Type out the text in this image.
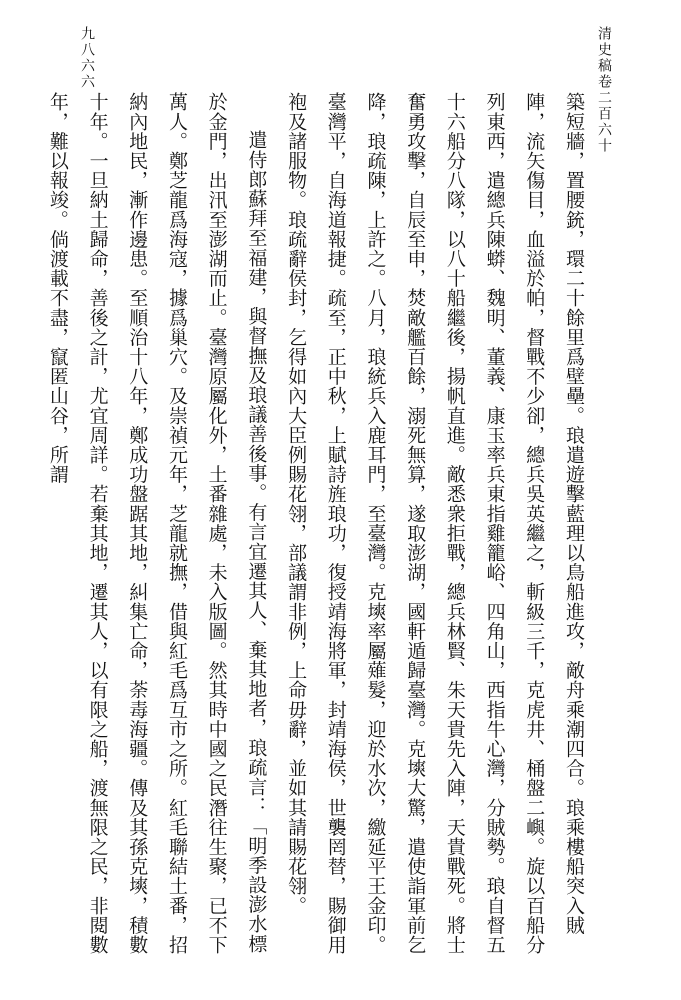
清史稿卷二百六十
九八六六

築短牆，置腰銃，環二十餘里爲壁壘。琅遣遊擊藍理以鳥船進攻，敵舟乘潮四合。琅乘樓船突入賊陣，流矢傷目，血溢於帕，督戰不少卻，總兵吳英繼之，斬級三千，克虎井、桶盤二嶼。旋以百船分列東西，遣總兵陳蟒、魏明、董義、康玉率兵東指雞籠峪、四角山，西指牛心灣，分賊勢。琅自督五十六船分八隊，以八十船繼後，揚帆直進。敵悉衆拒戰，總兵林賢、朱天貴先入陣，天貴戰死。將士奮勇攻擊，自辰至申，焚敵艦百餘，溺死無算，遂取澎湖，國軒遁歸臺灣。克塽大驚，遣使詣軍前乞降，琅疏陳，上許之。八月，琅統兵入鹿耳門，至臺灣。克塽率屬薙髮，迎於水次，繳延平王金印。臺灣平，自海道報捷。疏至，正中秋，上賦詩旌琅功，復授靖海將軍，封靖海侯，世襲罔替，賜御用袍及諸服物。琅疏辭侯封，乞得如內大臣例賜花翎，部議謂非例，上命毋辭，並如其請賜花翎。

遣侍郎蘇拜至福建，與督撫及琅議善後事。有言宜遷其人、棄其地者，琅疏言：「明季設澎水標於金門，出汛至澎湖而止。臺灣原屬化外，土番雜處，未入版圖。然其時中國之民潛往生聚，已不下萬人。鄭芝龍爲海寇，據爲巢穴。及崇禎元年，芝龍就撫，借與紅毛爲互市之所。紅毛聯結土番，招納內地民，漸作邊患。至順治十八年，鄭成功盤踞其地，糾集亡命，荼毒海疆。傳及其孫克塽，積數十年。一旦納土歸命，善後之計，尤宜周詳。若棄其地，遷其人，以有限之船，渡無限之民，非閱數年，難以報竣。倘渡載不盡，竄匿山谷，所謂
